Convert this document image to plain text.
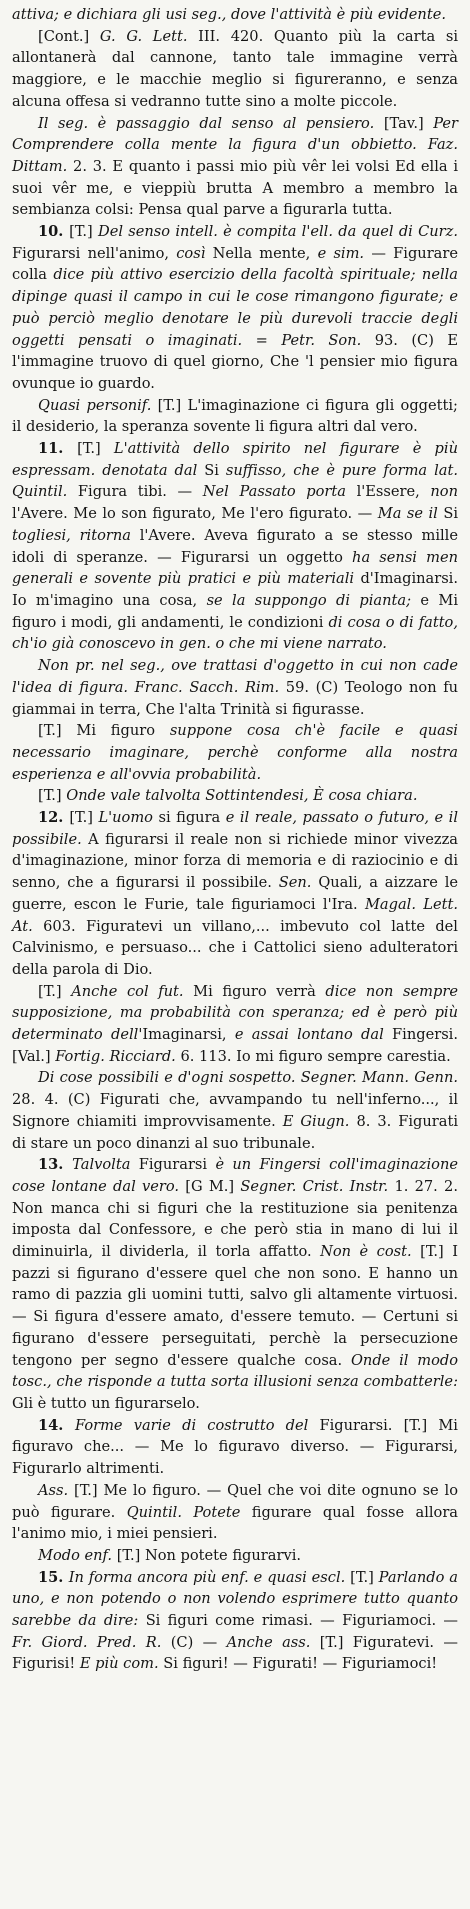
attiva; e dichiara gli usi seg., dove l'attività è più evidente.

[Cont.] G. G. Lett. III. 420. Quanto più la carta si allontanerà dal cannone, tanto tale immagine verrà maggiore, e le macchie meglio si figureranno, e senza alcuna offesa si vedranno tutte sino a molte piccole.

Il seg. è passaggio dal senso al pensiero. [Tav.] Per Comprendere colla mente la figura d'un obbietto. Faz. Dittam. 2. 3. E quanto i passi mio più vêr lei volsi Ed ella i suoi vêr me, e vieppiù brutta A membro a membro la sembianza colsi: Pensa qual parve a figurarla tutta.

10. [T.] Del senso intell. è compita l'ell. da quel di Curz. Figurarsi nell'animo, così Nella mente, e sim. — Figurare colla dice più attivo esercizio della facoltà spirituale; nella dipinge quasi il campo in cui le cose rimangono figurate; e può perciò meglio denotare le più durevoli traccie degli oggetti pensati o imaginati. = Petr. Son. 93. (C) E l'immagine truovo di quel giorno, Che 'l pensier mio figura ovunque io guardo.

Quasi personif. [T.] L'imaginazione ci figura gli oggetti; il desiderio, la speranza sovente li figura altri dal vero.

11. [T.] L'attività dello spirito nel figurare è più espressam. denotata dal Si suffisso, che è pure forma lat. Quintil. Figura tibi. — Nel Passato porta l'Essere, non l'Avere. Me lo son figurato, Me l'ero figurato. — Ma se il Si togliesi, ritorna l'Avere. Aveva figurato a se stesso mille idoli di speranze. — Figurarsi un oggetto ha sensi men generali e sovente più pratici e più materiali d'Imaginarsi. Io m'imagino una cosa, se la suppongo di pianta; e Mi figuro i modi, gli andamenti, le condizioni di cosa o di fatto, ch'io già conoscevo in gen. o che mi viene narrato.

Non pr. nel seg., ove trattasi d'oggetto in cui non cade l'idea di figura. Franc. Sacch. Rim. 59. (C) Teologo non fu giammai in terra, Che l'alta Trinità si figurasse.

[T.] Mi figuro suppone cosa ch'è facile e quasi necessario imaginare, perchè conforme alla nostra esperienza e all'ovvia probabilità.

[T.] Onde vale talvolta Sottintendesi, È cosa chiara.

12. [T.] L'uomo si figura e il reale, passato o futuro, e il possibile. A figurarsi il reale non si richiede minor vivezza d'imaginazione, minor forza di memoria e di raziocinio e di senno, che a figurarsi il possibile. Sen. Quali, a aizzare le guerre, escon le Furie, tale figuriamoci l'Ira. Magal. Lett. At. 603. Figuratevi un villano,... imbevuto col latte del Calvinismo, e persuaso... che i Cattolici sieno adulteratori della parola di Dio.

[T.] Anche col fut. Mi figuro verrà dice non sempre supposizione, ma probabilità con speranza; ed è però più determinato dell'Imaginarsi, e assai lontano dal Fingersi. [Val.] Fortig. Ricciard. 6. 113. Io mi figuro sempre carestia.

Di cose possibili e d'ogni sospetto. Segner. Mann. Genn. 28. 4. (C) Figurati che, avvampando tu nell'inferno..., il Signore chiamiti improvvisamente. E Giugn. 8. 3. Figurati di stare un poco dinanzi al suo tribunale.

13. Talvolta Figurarsi è un Fingersi coll'imaginazione cose lontane dal vero. [G M.] Segner. Crist. Instr. 1. 27. 2. Non manca chi si figuri che la restituzione sia penitenza imposta dal Confessore, e che però stia in mano di lui il diminuirla, il dividerla, il torla affatto. Non è cost. [T.] I pazzi si figurano d'essere quel che non sono. E hanno un ramo di pazzia gli uomini tutti, salvo gli altamente virtuosi. — Si figura d'essere amato, d'essere temuto. — Certuni si figurano d'essere perseguitati, perchè la persecuzione tengono per segno d'essere qualche cosa. Onde il modo tosc., che risponde a tutta sorta illusioni senza combatterle: Gli è tutto un figurarselo.

14. Forme varie di costrutto del Figurarsi. [T.] Mi figuravo che... — Me lo figuravo diverso. — Figurarsi, Figurarlo altrimenti.

Ass. [T.] Me lo figuro. — Quel che voi dite ognuno se lo può figurare. Quintil. Potete figurare qual fosse allora l'animo mio, i miei pensieri.

Modo enf. [T.] Non potete figurarvi.

15. In forma ancora più enf. e quasi escl. [T.] Parlando a uno, e non potendo o non volendo esprimere tutto quanto sarebbe da dire: Si figuri come rimasi. — Figuriamoci. — Fr. Giord. Pred. R. (C) — Anche ass. [T.] Figuratevi. — Figurisi! E più com. Si figuri! — Figurati! — Figuriamoci!
